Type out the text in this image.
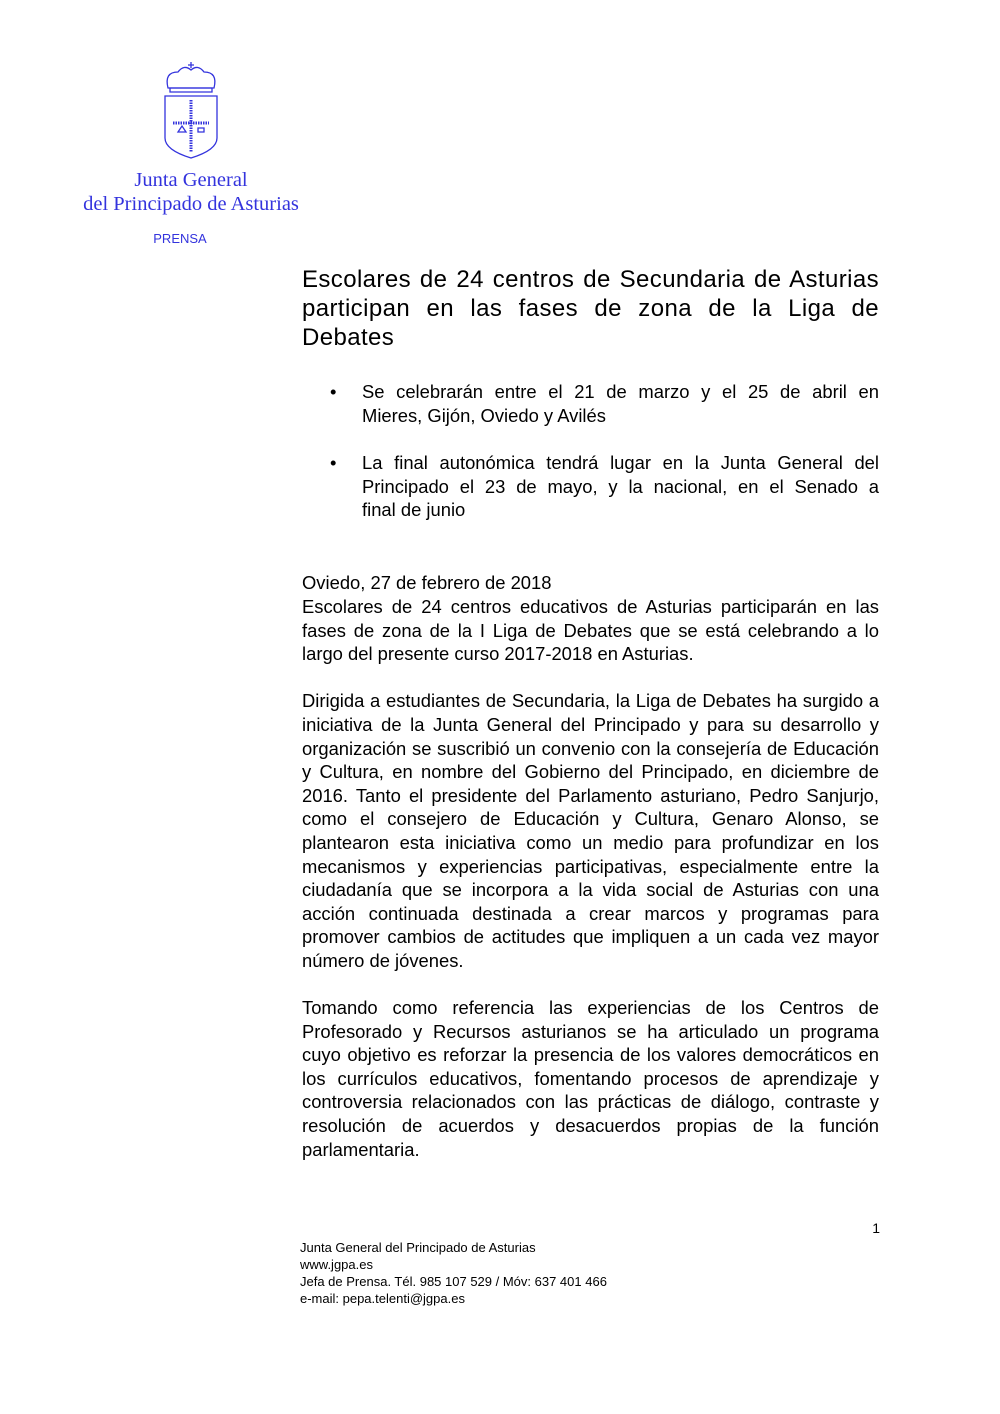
Junta General
del Principado de Asturias
PRENSA
Escolares de 24 centros de Secundaria de Asturias
participan en las fases de zona de la Liga de
Debates
• Se celebrarán entre el 21 de marzo y el 25 de abril en
Mieres, Gijón, Oviedo y Avilés
• La final autonómica tendrá lugar en la Junta General del
Principado el 23 de mayo, y la nacional, en el Senado a
final de junio
Oviedo, 27 de febrero de 2018
Escolares de 24 centros educativos de Asturias participarán en las
fases de zona de la I Liga de Debates que se está celebrando a lo
largo del presente curso 2017-2018 en Asturias.
Dirigida a estudiantes de Secundaria, la Liga de Debates ha surgido a
iniciativa de la Junta General del Principado y para su desarrollo y
organización se suscribió un convenio con la consejería de Educación
y Cultura, en nombre del Gobierno del Principado, en diciembre de
2016. Tanto el presidente del Parlamento asturiano, Pedro Sanjurjo,
como el consejero de Educación y Cultura, Genaro Alonso, se
plantearon esta iniciativa como un medio para profundizar en los
mecanismos y experiencias participativas, especialmente entre la
ciudadanía que se incorpora a la vida social de Asturias con una
acción continuada destinada a crear marcos y programas para
promover cambios de actitudes que impliquen a un cada vez mayor
número de jóvenes.
Tomando como referencia las experiencias de los Centros de
Profesorado y Recursos asturianos se ha articulado un programa
cuyo objetivo es reforzar la presencia de los valores democráticos en
los currículos educativos, fomentando procesos de aprendizaje y
controversia relacionados con las prácticas de diálogo, contraste y
resolución de acuerdos y desacuerdos propias de la función
parlamentaria.
1
Junta General del Principado de Asturias
www.jgpa.es
Jefa de Prensa. Tél. 985 107 529 / Móv: 637 401 466
e-mail: pepa.telenti@jgpa.es
